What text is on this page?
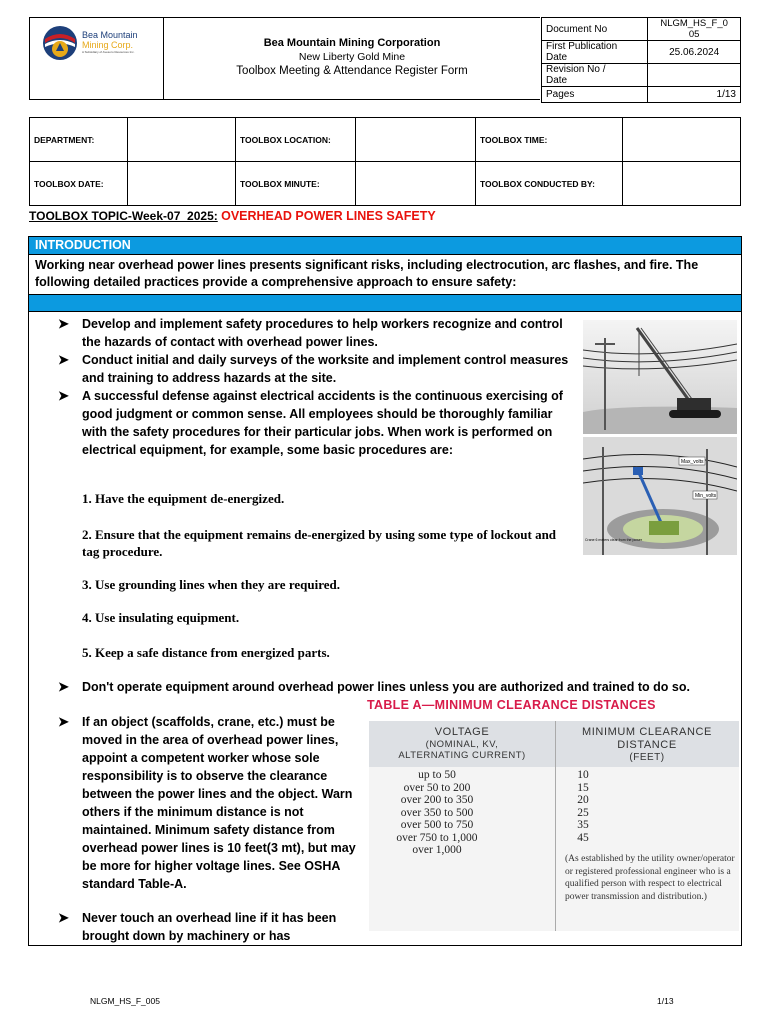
Bea Mountain
Mining Corp.
A Subsidiary of Avesoro Resources Inc.
Bea Mountain Mining Corporation
New Liberty Gold Mine
Toolbox Meeting & Attendance Register Form
Document No	NLGM_HS_F_0
05
First Publication
Date	25.06.2024
Revision No /
Date	
Pages	1/13
DEPARTMENT:		TOOLBOX LOCATION:		TOOLBOX TIME:	
TOOLBOX DATE:		TOOLBOX MINUTE:		TOOLBOX CONDUCTED BY:	
TOOLBOX TOPIC-Week-07_2025: OVERHEAD POWER LINES SAFETY
INTRODUCTION
Working near overhead power lines presents significant risks, including electrocution, arc flashes, and fire. The following detailed practices provide a comprehensive approach to ensure safety:
➤ Develop and implement safety procedures to help workers recognize and control the hazards of contact with overhead power lines.
➤ Conduct initial and daily surveys of the worksite and implement control measures and training to address hazards at the site.
➤ A successful defense against electrical accidents is the continuous exercising of good judgment or common sense. All employees should be thoroughly familiar with the safety procedures for their particular jobs. When work is performed on electrical equipment, for example, some basic procedures are:
1. Have the equipment de-energized.
2. Ensure that the equipment remains de-energized by using some type of lockout and tag procedure.
3. Use grounding lines when they are required.
4. Use insulating equipment.
5. Keep a safe distance from energized parts.
➤ Don't operate equipment around overhead power lines unless you are authorized and trained to do so.
➤ If an object (scaffolds, crane, etc.) must be moved in the area of overhead power lines, appoint a competent worker whose sole responsibility is to observe the clearance between the power lines and the object. Warn others if the minimum distance is not maintained. Minimum safety distance from overhead power lines is 10 feet(3 mt), but may be more for higher voltage lines. See OSHA standard Table-A.
➤ Never touch an overhead line if it has been brought down by machinery or has
Max_volts
Min_volts
Crane 6 meters clear from the power
TABLE A—MINIMUM CLEARANCE DISTANCES
VOLTAGE
(NOMINAL, KV,
ALTERNATING CURRENT)
MINIMUM CLEARANCE
DISTANCE
(FEET)
up to 50	10
over 50 to 200	15
over 200 to 350	20
over 350 to 500	25
over 500 to 750	35
over 750 to 1,000	45
over 1,000
(As established by the utility owner/operator or registered professional engineer who is a qualified person with respect to electrical power transmission and distribution.)
NLGM_HS_F_005	1/13
